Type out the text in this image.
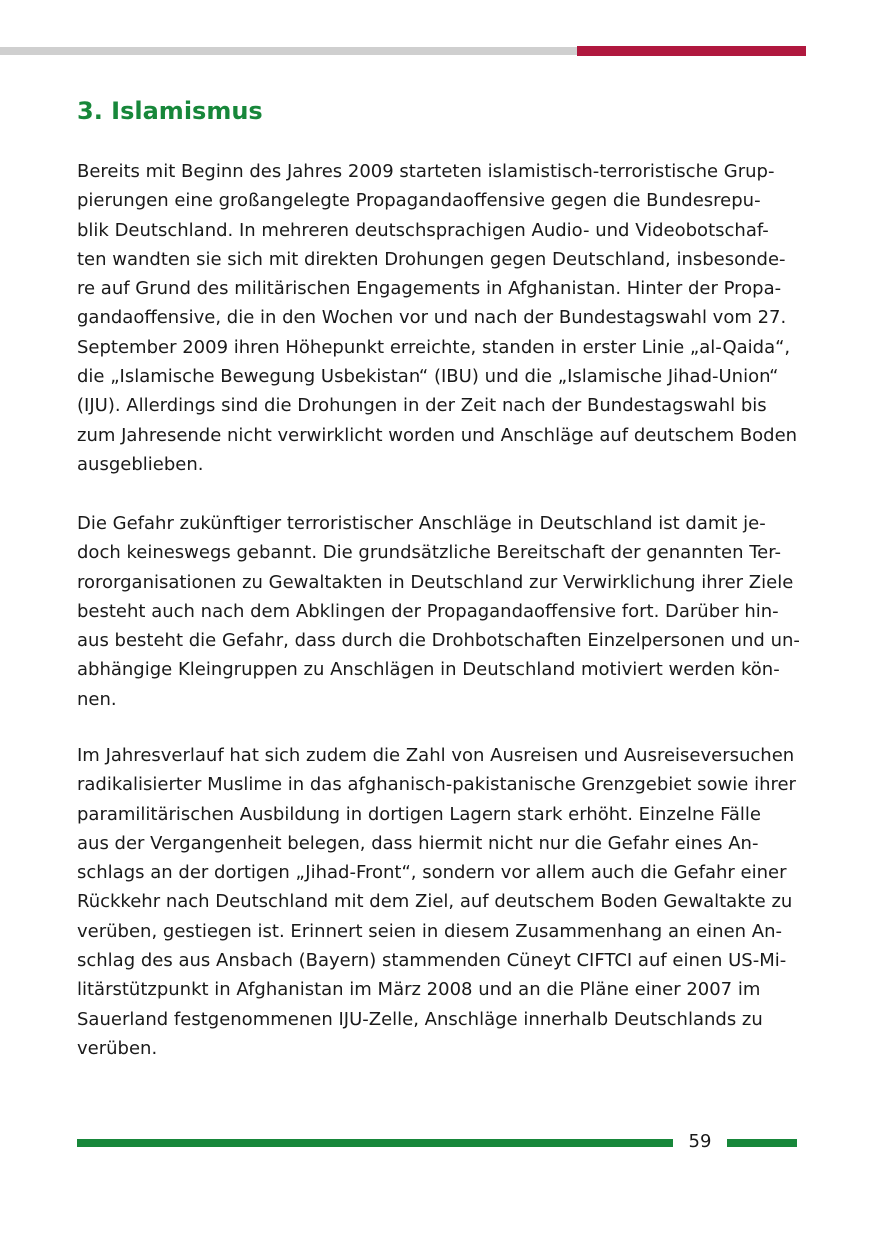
3. Islamismus
Bereits mit Beginn des Jahres 2009 starteten islamistisch-terroristische Grup-
pierungen eine großangelegte Propagandaoffensive gegen die Bundesrepu-
blik Deutschland. In mehreren deutschsprachigen Audio- und Videobotschaf-
ten wandten sie sich mit direkten Drohungen gegen Deutschland, insbesonde-
re auf Grund des militärischen Engagements in Afghanistan. Hinter der Propa-
gandaoffensive, die in den Wochen vor und nach der Bundestagswahl vom 27.
September 2009 ihren Höhepunkt erreichte, standen in erster Linie „al-Qaida“,
die „Islamische Bewegung Usbekistan“ (IBU) und die „Islamische Jihad-Union“
(IJU). Allerdings sind die Drohungen in der Zeit nach der Bundestagswahl bis
zum Jahresende nicht verwirklicht worden und Anschläge auf deutschem Boden
ausgeblieben.
Die Gefahr zukünftiger terroristischer Anschläge in Deutschland ist damit je-
doch keineswegs gebannt. Die grundsätzliche Bereitschaft der genannten Ter-
rororganisationen zu Gewaltakten in Deutschland zur Verwirklichung ihrer Ziele
besteht auch nach dem Abklingen der Propagandaoffensive fort. Darüber hin-
aus besteht die Gefahr, dass durch die Drohbotschaften Einzelpersonen und un-
abhängige Kleingruppen zu Anschlägen in Deutschland motiviert werden kön-
nen.
Im Jahresverlauf hat sich zudem die Zahl von Ausreisen und Ausreiseversuchen
radikalisierter Muslime in das afghanisch-pakistanische Grenzgebiet sowie ihrer
paramilitärischen Ausbildung in dortigen Lagern stark erhöht. Einzelne Fälle
aus der Vergangenheit belegen, dass hiermit nicht nur die Gefahr eines An-
schlags an der dortigen „Jihad-Front“, sondern vor allem auch die Gefahr einer
Rückkehr nach Deutschland mit dem Ziel, auf deutschem Boden Gewaltakte zu
verüben, gestiegen ist. Erinnert seien in diesem Zusammenhang an einen An-
schlag des aus Ansbach (Bayern) stammenden Cüneyt CIFTCI auf einen US-Mi-
litärstützpunkt in Afghanistan im März 2008 und an die Pläne einer 2007 im
Sauerland festgenommenen IJU-Zelle, Anschläge innerhalb Deutschlands zu
verüben.
59
